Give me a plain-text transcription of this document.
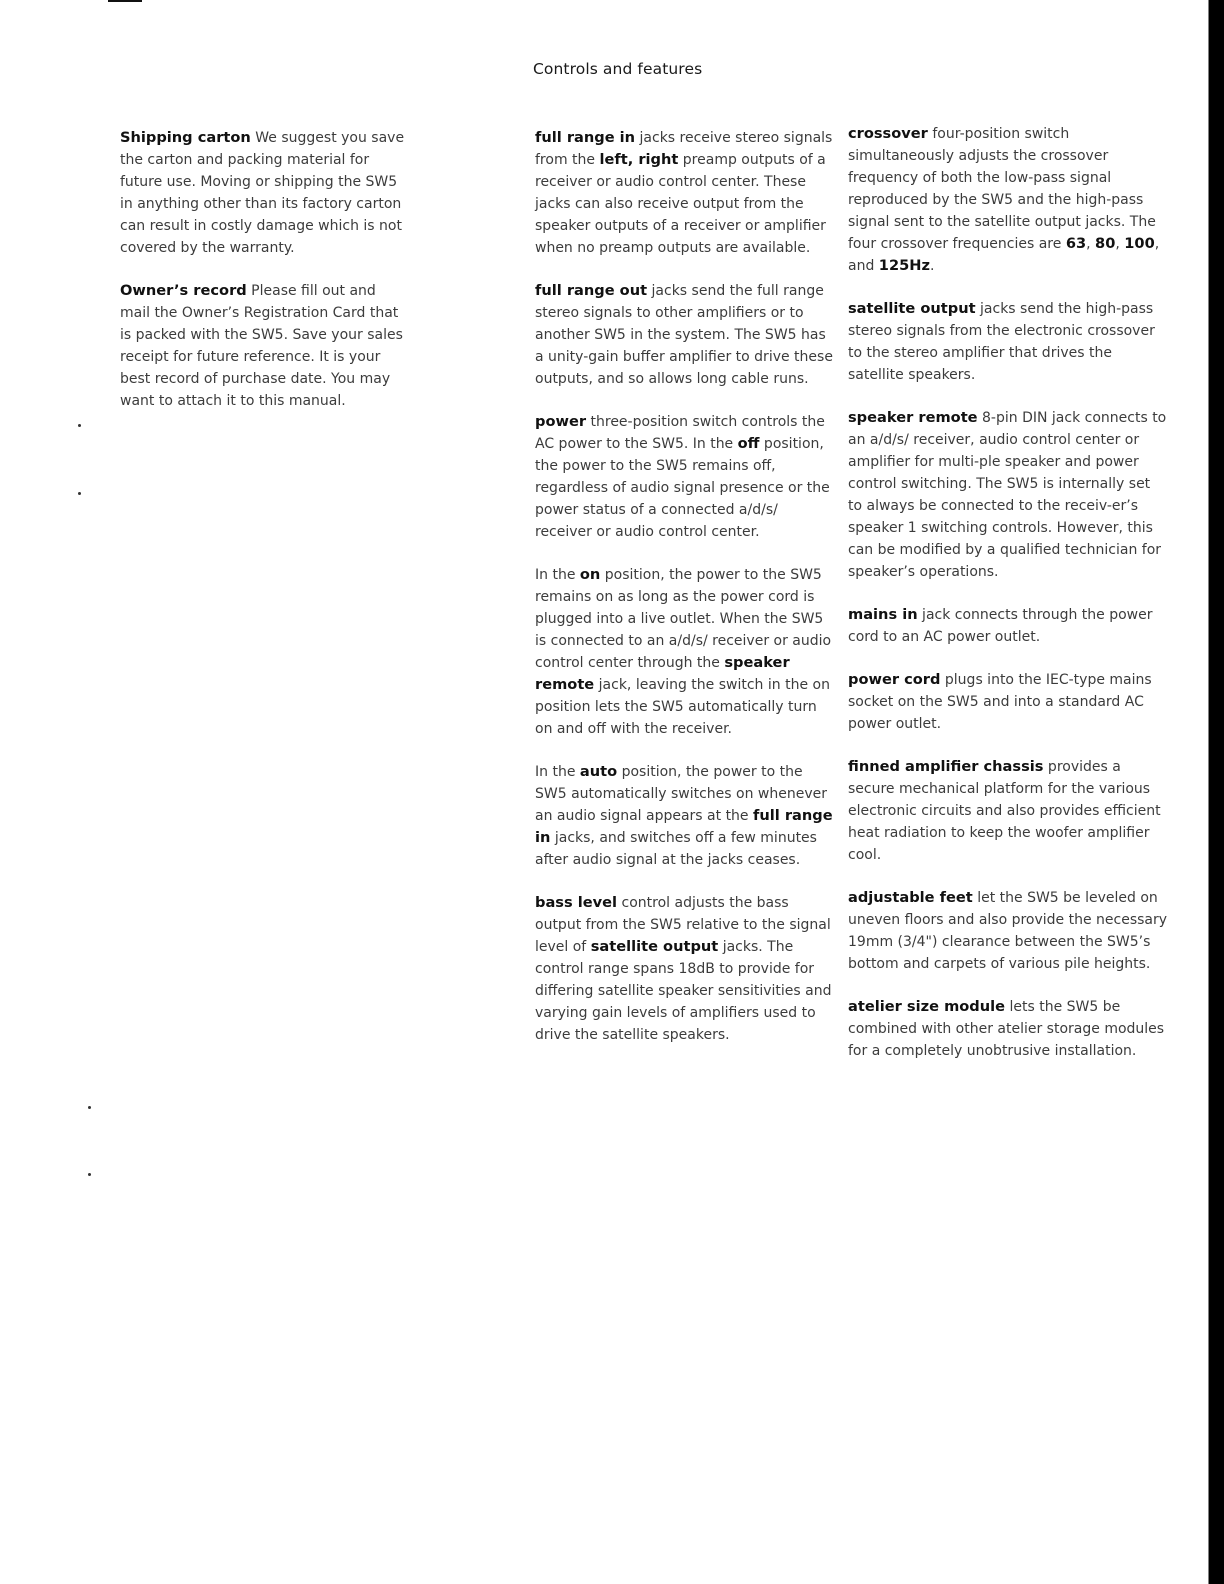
Controls and features

Shipping carton We suggest you save the carton and packing material for future use. Moving or shipping the SW5 in anything other than its factory carton can result in costly damage which is not covered by the warranty.

Owner’s record Please fill out and mail the Owner’s Registration Card that is packed with the SW5. Save your sales receipt for future reference. It is your best record of purchase date. You may want to attach it to this manual.

full range in jacks receive stereo signals from the left, right preamp outputs of a receiver or audio control center. These jacks can also receive output from the speaker outputs of a receiver or amplifier when no preamp outputs are available.

full range out jacks send the full range stereo signals to other amplifiers or to another SW5 in the system. The SW5 has a unity-gain buffer amplifier to drive these outputs, and so allows long cable runs.

power three-position switch controls the AC power to the SW5. In the off position, the power to the SW5 remains off, regardless of audio signal presence or the power status of a connected a/d/s/ receiver or audio control center.

In the on position, the power to the SW5 remains on as long as the power cord is plugged into a live outlet. When the SW5 is connected to an a/d/s/ receiver or audio control center through the speaker remote jack, leaving the switch in the on position lets the SW5 automatically turn on and off with the receiver.

In the auto position, the power to the SW5 automatically switches on whenever an audio signal appears at the full range in jacks, and switches off a few minutes after audio signal at the jacks ceases.

bass level control adjusts the bass output from the SW5 relative to the signal level of satellite output jacks. The control range spans 18dB to provide for differing satellite speaker sensitivities and varying gain levels of amplifiers used to drive the satellite speakers.

crossover four-position switch simultaneously adjusts the crossover frequency of both the low-pass signal reproduced by the SW5 and the high-pass signal sent to the satellite output jacks. The four crossover frequencies are 63, 80, 100, and 125Hz.

satellite output jacks send the high-pass stereo signals from the electronic crossover to the stereo amplifier that drives the satellite speakers.

speaker remote 8-pin DIN jack connects to an a/d/s/ receiver, audio control center or amplifier for multi-ple speaker and power control switching. The SW5 is internally set to always be connected to the receiv-er’s speaker 1 switching controls. However, this can be modified by a qualified technician for speaker’s operations.

mains in jack connects through the power cord to an AC power outlet.

power cord plugs into the IEC-type mains socket on the SW5 and into a standard AC power outlet.

finned amplifier chassis provides a secure mechanical platform for the various electronic circuits and also provides efficient heat radiation to keep the woofer amplifier cool.

adjustable feet let the SW5 be leveled on uneven floors and also provide the necessary 19mm (3/4") clearance between the SW5’s bottom and carpets of various pile heights.

atelier size module lets the SW5 be combined with other atelier storage modules for a completely unobtrusive installation.
